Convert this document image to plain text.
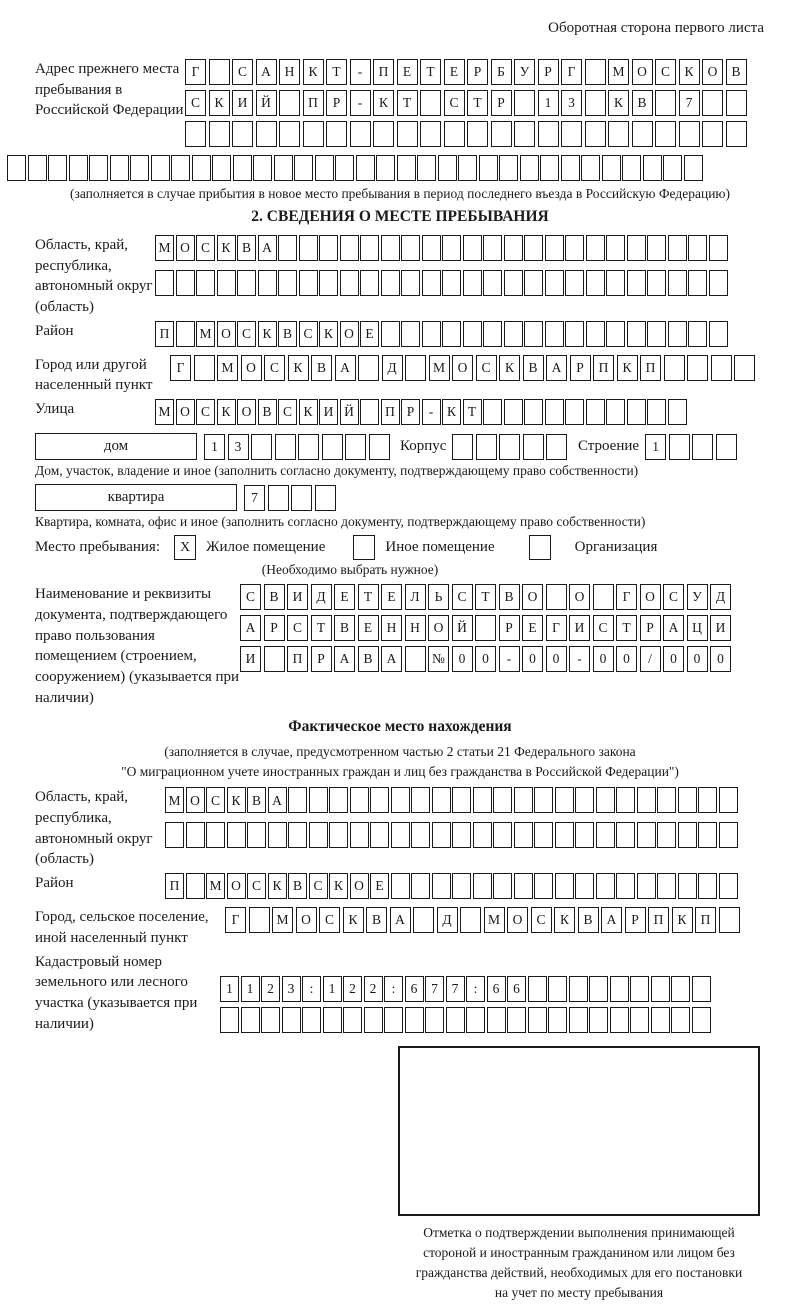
Оборотная сторона первого листа
Адрес прежнего места пребывания в Российской Федерации
Г	С	А	Н	К	Т	-	П	Е	Т	Е	Р	Б	У	Р	Г	М О	С	К	О	В
С	К	И	Й	П	Р	-	К	Т	С	Т	Р	1	3	К	В	7
(заполняется в случае прибытия в новое место пребывания в период последнего въезда в Российскую Федерацию)
2. СВЕДЕНИЯ О МЕСТЕ ПРЕБЫВАНИЯ
Область, край, республика, автономный округ (область)
М О С К В А
Район	П	М О С К В С К О Е
Город или другой населенный пункт
Г	М О	С	К	В	А	Д	М О	С	К	В	А	Р	П	К	П
Улица	М О С К О В С К И Й	П Р	-	К Т
дом	1	3	Корпус	Строение 1
Дом, участок, владение и иное (заполнить согласно документу, подтверждающему право собственности)
квартира	7
Квартира, комната, офис и иное (заполнить согласно документу, подтверждающему право собственности)
Место пребывания:	X	Жилое помещение	Иное помещение	Организация
(Необходимо выбрать нужное)
Наименование и реквизиты документа, подтверждающего право пользования помещением (строением, сооружением) (указывается при наличии)
С	В	И	Д	Е	Т	Е	Л	Ь	С	Т	В	О	О	Г	О	С	У	Д
А	Р	С	Т	В	Е	Н	Н	О	Й	Р	Е	Г	И	С	Т	Р	А	Ц	И
И	П	Р	А	В	А	№	0	0	-	0	0	-	0	0	/	0	0	0
Фактическое место нахождения
(заполняется в случае, предусмотренном частью 2 статьи 21 Федерального закона
"О миграционном учете иностранных граждан и лиц без гражданства в Российской Федерации")
Область, край, республика, автономный округ (область)
М О С К В А
Район	П	М О С К В С К О Е
Город, сельское поселение, иной населенный пункт
Г	М О	С	К	В	А	Д	М О	С	К	В	А	Р	П	К	П
Кадастровый номер земельного или лесного участка (указывается при наличии)
1	1	2	3	:	1	2	2	:	6	7	7	:	6	6
Отметка о подтверждении выполнения принимающей
стороной и иностранным гражданином или лицом без
гражданства действий, необходимых для его постановки
на учет по месту пребывания
